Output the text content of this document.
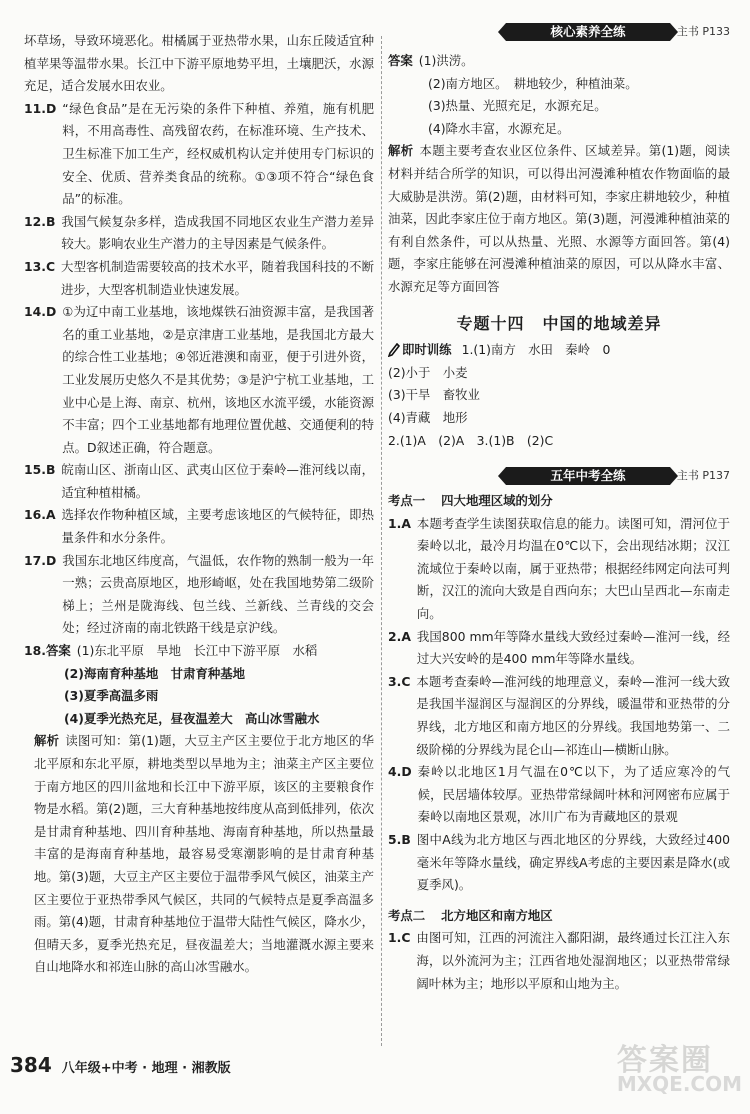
坏草场，导致环境恶化。柑橘属于亚热带水果，山东丘陵适宜种植苹果等温带水果。长江中下游平原地势平坦，土壤肥沃，水源充足，适合发展水田农业。

11.D “绿色食品”是在无污染的条件下种植、养殖，施有机肥料，不用高毒性、高残留农药，在标准环境、生产技术、卫生标准下加工生产，经权威机构认定并使用专门标识的安全、优质、营养类食品的统称。①③项不符合“绿色食品”的标准。
12.B 我国气候复杂多样，造成我国不同地区农业生产潜力差异较大。影响农业生产潜力的主导因素是气候条件。
13.C 大型客机制造需要较高的技术水平，随着我国科技的不断进步，大型客机制造业快速发展。
14.D ①为辽中南工业基地，该地煤铁石油资源丰富，是我国著名的重工业基地，②是京津唐工业基地，是我国北方最大的综合性工业基地；④邻近港澳和南亚，便于引进外资，工业发展历史悠久不是其优势；③是沪宁杭工业基地，工业中心是上海、南京、杭州，该地区水流平缓，水能资源不丰富；四个工业基地都有地理位置优越、交通便利的特点。D叙述正确，符合题意。
15.B 皖南山区、浙南山区、武夷山区位于秦岭—淮河线以南，适宜种植柑橘。
16.A 选择农作物种植区域，主要考虑该地区的气候特征，即热量条件和水分条件。
17.D 我国东北地区纬度高，气温低，农作物的熟制一般为一年一熟；云贵高原地区，地形崎岖，处在我国地势第二级阶梯上；兰州是陇海线、包兰线、兰新线、兰青线的交会处；经过济南的南北铁路干线是京沪线。
18.答案 (1)东北平原　旱地　长江中下游平原　水稻

(2)海南育种基地　甘肃育种基地

(3)夏季高温多雨

(4)夏季光热充足，昼夜温差大　高山冰雪融水

解析 读图可知：第(1)题，大豆主产区主要位于北方地区的华北平原和东北平原，耕地类型以旱地为主；油菜主产区主要位于南方地区的四川盆地和长江中下游平原，该区的主要粮食作物是水稻。第(2)题，三大育种基地按纬度从高到低排列，依次是甘肃育种基地、四川育种基地、海南育种基地，所以热量最丰富的是海南育种基地，最容易受寒潮影响的是甘肃育种基地。第(3)题，大豆主产区主要位于温带季风气候区，油菜主产区主要位于亚热带季风气候区，共同的气候特点是夏季高温多雨。第(4)题，甘肃育种基地位于温带大陆性气候区，降水少，但晴天多，夏季光热充足，昼夜温差大；当地灌溉水源主要来自山地降水和祁连山脉的高山冰雪融水。

核心素养全练	主书 P133

答案 (1)洪涝。

(2)南方地区。　耕地较少，种植油菜。

(3)热量、光照充足，水源充足。

(4)降水丰富，水源充足。

解析 本题主要考查农业区位条件、区域差异。第(1)题，阅读材料并结合所学的知识，可以得出河漫滩种植农作物面临的最大威胁是洪涝。第(2)题，由材料可知，李家庄耕地较少，种植油菜，因此李家庄位于南方地区。第(3)题，河漫滩种植油菜的有利自然条件，可以从热量、光照、水源等方面回答。第(4)题，李家庄能够在河漫滩种植油菜的原因，可以从降水丰富、水源充足等方面回答

专题十四 中国的地域差异
即时训练 1.(1)南方　水田　秦岭　0

(2)小于　小麦

(3)干旱　畜牧业

(4)青藏　地形

2.(1)A　(2)A　3.(1)B　(2)C

五年中考全练	主书 P137

考点一 四大地理区域的划分

1.A 本题考查学生读图获取信息的能力。读图可知，渭河位于秦岭以北，最冷月均温在0℃以下，会出现结冰期；汉江流域位于秦岭以南，属于亚热带；根据经纬网定向法可判断，汉江的流向大致是自西向东；大巴山呈西北—东南走向。
2.A 我国800 mm年等降水量线大致经过秦岭—淮河一线，经过大兴安岭的是400 mm年等降水量线。
3.C 本题考查秦岭—淮河线的地理意义，秦岭—淮河一线大致是我国半湿润区与湿润区的分界线，暖温带和亚热带的分界线，北方地区和南方地区的分界线。我国地势第一、二级阶梯的分界线为昆仑山—祁连山—横断山脉。
4.D 秦岭以北地区1月气温在0℃以下，为了适应寒冷的气候，民居墙体较厚。亚热带常绿阔叶林和河网密布应属于秦岭以南地区景观，冰川广布为青藏地区的景观
5.B 图中A线为北方地区与西北地区的分界线，大致经过400毫米年等降水量线，确定界线A考虑的主要因素是降水(或夏季风)。

考点二 北方地区和南方地区

1.C 由图可知，江西的河流注入鄱阳湖，最终通过长江注入东海，以外流河为主；江西省地处湿润地区；以亚热带常绿阔叶林为主；地形以平原和山地为主。
384 八年级+中考 · 地理 · 湘教版	答案圈
MXQE.COM
